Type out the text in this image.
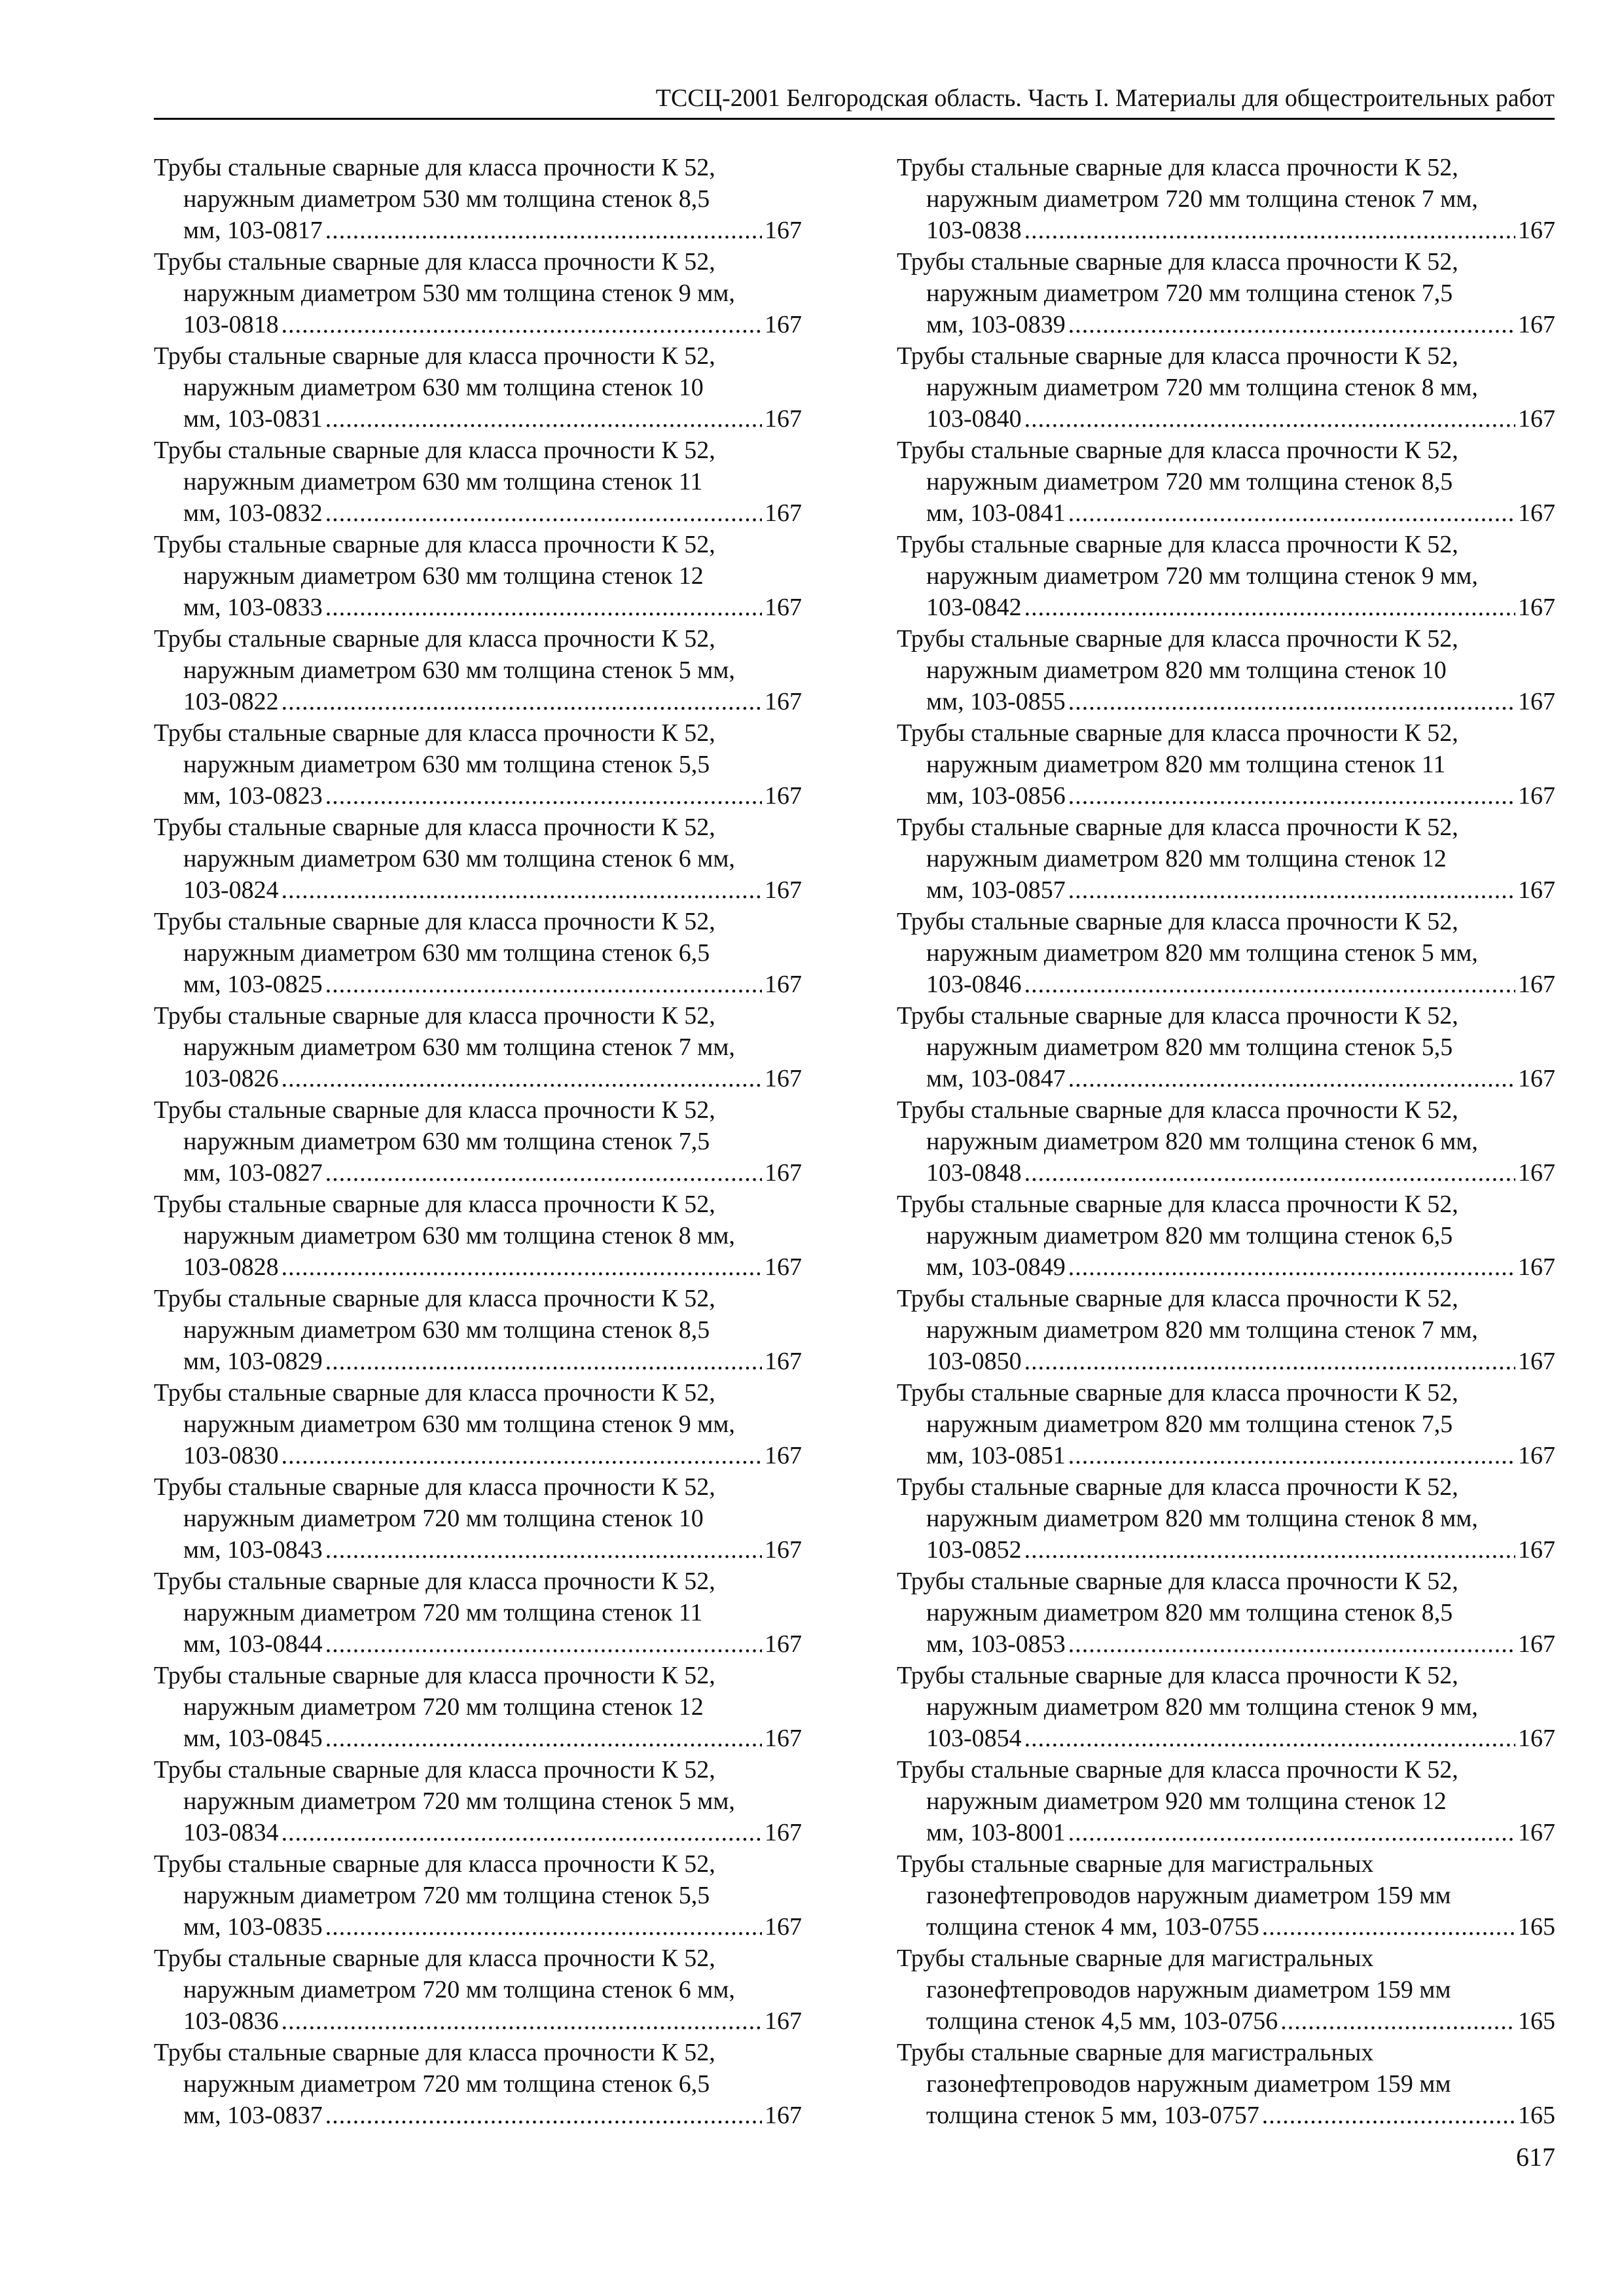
ТССЦ-2001 Белгородская область. Часть I. Материалы для общестроительных работ
Трубы стальные сварные для класса прочности К 52,
наружным диаметром 530 мм толщина стенок 8,5
мм, 103-0817 .....	167
Трубы стальные сварные для класса прочности К 52,
наружным диаметром 530 мм толщина стенок 9 мм,
103-0818 .....	167
Трубы стальные сварные для класса прочности К 52,
наружным диаметром 630 мм толщина стенок 10
мм, 103-0831 .....	167
Трубы стальные сварные для класса прочности К 52,
наружным диаметром 630 мм толщина стенок 11
мм, 103-0832 .....	167
Трубы стальные сварные для класса прочности К 52,
наружным диаметром 630 мм толщина стенок 12
мм, 103-0833 .....	167
Трубы стальные сварные для класса прочности К 52,
наружным диаметром 630 мм толщина стенок 5 мм,
103-0822 .....	167
Трубы стальные сварные для класса прочности К 52,
наружным диаметром 630 мм толщина стенок 5,5
мм, 103-0823 .....	167
Трубы стальные сварные для класса прочности К 52,
наружным диаметром 630 мм толщина стенок 6 мм,
103-0824 .....	167
Трубы стальные сварные для класса прочности К 52,
наружным диаметром 630 мм толщина стенок 6,5
мм, 103-0825 .....	167
Трубы стальные сварные для класса прочности К 52,
наружным диаметром 630 мм толщина стенок 7 мм,
103-0826 .....	167
Трубы стальные сварные для класса прочности К 52,
наружным диаметром 630 мм толщина стенок 7,5
мм, 103-0827 .....	167
Трубы стальные сварные для класса прочности К 52,
наружным диаметром 630 мм толщина стенок 8 мм,
103-0828 .....	167
Трубы стальные сварные для класса прочности К 52,
наружным диаметром 630 мм толщина стенок 8,5
мм, 103-0829 .....	167
Трубы стальные сварные для класса прочности К 52,
наружным диаметром 630 мм толщина стенок 9 мм,
103-0830 .....	167
Трубы стальные сварные для класса прочности К 52,
наружным диаметром 720 мм толщина стенок 10
мм, 103-0843 .....	167
Трубы стальные сварные для класса прочности К 52,
наружным диаметром 720 мм толщина стенок 11
мм, 103-0844 .....	167
Трубы стальные сварные для класса прочности К 52,
наружным диаметром 720 мм толщина стенок 12
мм, 103-0845 .....	167
Трубы стальные сварные для класса прочности К 52,
наружным диаметром 720 мм толщина стенок 5 мм,
103-0834 .....	167
Трубы стальные сварные для класса прочности К 52,
наружным диаметром 720 мм толщина стенок 5,5
мм, 103-0835 .....	167
Трубы стальные сварные для класса прочности К 52,
наружным диаметром 720 мм толщина стенок 6 мм,
103-0836 .....	167
Трубы стальные сварные для класса прочности К 52,
наружным диаметром 720 мм толщина стенок 6,5
мм, 103-0837 .....	167
Трубы стальные сварные для класса прочности К 52,
наружным диаметром 720 мм толщина стенок 7 мм,
103-0838 .....	167
Трубы стальные сварные для класса прочности К 52,
наружным диаметром 720 мм толщина стенок 7,5
мм, 103-0839 .....	167
Трубы стальные сварные для класса прочности К 52,
наружным диаметром 720 мм толщина стенок 8 мм,
103-0840 .....	167
Трубы стальные сварные для класса прочности К 52,
наружным диаметром 720 мм толщина стенок 8,5
мм, 103-0841 .....	167
Трубы стальные сварные для класса прочности К 52,
наружным диаметром 720 мм толщина стенок 9 мм,
103-0842 .....	167
Трубы стальные сварные для класса прочности К 52,
наружным диаметром 820 мм толщина стенок 10
мм, 103-0855 .....	167
Трубы стальные сварные для класса прочности К 52,
наружным диаметром 820 мм толщина стенок 11
мм, 103-0856 .....	167
Трубы стальные сварные для класса прочности К 52,
наружным диаметром 820 мм толщина стенок 12
мм, 103-0857 .....	167
Трубы стальные сварные для класса прочности К 52,
наружным диаметром 820 мм толщина стенок 5 мм,
103-0846 .....	167
Трубы стальные сварные для класса прочности К 52,
наружным диаметром 820 мм толщина стенок 5,5
мм, 103-0847 .....	167
Трубы стальные сварные для класса прочности К 52,
наружным диаметром 820 мм толщина стенок 6 мм,
103-0848 .....	167
Трубы стальные сварные для класса прочности К 52,
наружным диаметром 820 мм толщина стенок 6,5
мм, 103-0849 .....	167
Трубы стальные сварные для класса прочности К 52,
наружным диаметром 820 мм толщина стенок 7 мм,
103-0850 .....	167
Трубы стальные сварные для класса прочности К 52,
наружным диаметром 820 мм толщина стенок 7,5
мм, 103-0851 .....	167
Трубы стальные сварные для класса прочности К 52,
наружным диаметром 820 мм толщина стенок 8 мм,
103-0852 .....	167
Трубы стальные сварные для класса прочности К 52,
наружным диаметром 820 мм толщина стенок 8,5
мм, 103-0853 .....	167
Трубы стальные сварные для класса прочности К 52,
наружным диаметром 820 мм толщина стенок 9 мм,
103-0854 .....	167
Трубы стальные сварные для класса прочности К 52,
наружным диаметром 920 мм толщина стенок 12
мм, 103-8001 .....	167
Трубы стальные сварные для магистральных
газонефтепроводов наружным диаметром 159 мм
толщина стенок 4 мм, 103-0755 .....	165
Трубы стальные сварные для магистральных
газонефтепроводов наружным диаметром 159 мм
толщина стенок 4,5 мм, 103-0756 .....	165
Трубы стальные сварные для магистральных
газонефтепроводов наружным диаметром 159 мм
толщина стенок 5 мм, 103-0757 .....	165
617
